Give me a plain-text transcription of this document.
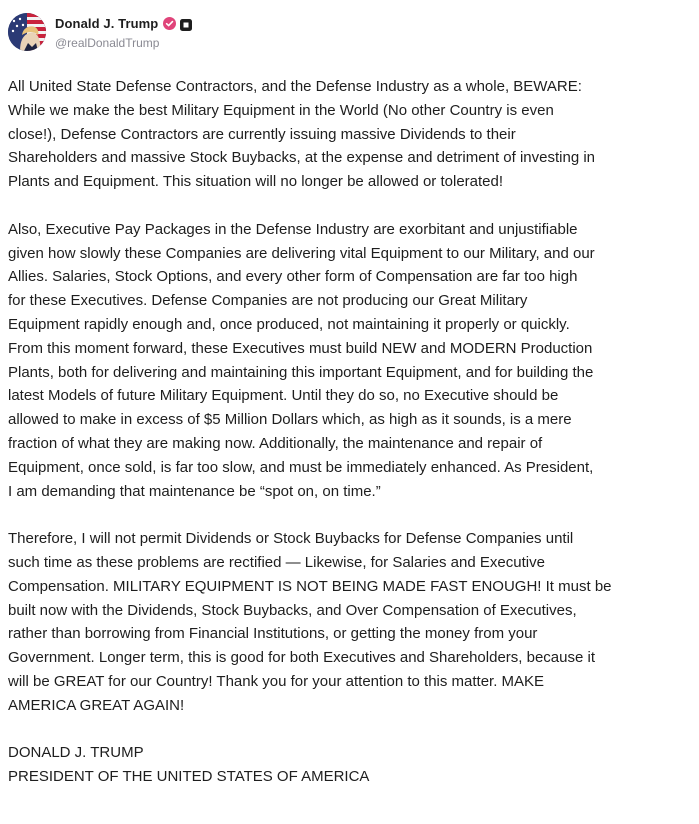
Donald J. Trump
@realDonaldTrump

All United State Defense Contractors, and the Defense Industry as a whole, BEWARE:
While we make the best Military Equipment in the World (No other Country is even
close!), Defense Contractors are currently issuing massive Dividends to their
Shareholders and massive Stock Buybacks, at the expense and detriment of investing in
Plants and Equipment. This situation will no longer be allowed or tolerated!

Also, Executive Pay Packages in the Defense Industry are exorbitant and unjustifiable
given how slowly these Companies are delivering vital Equipment to our Military, and our
Allies. Salaries, Stock Options, and every other form of Compensation are far too high
for these Executives. Defense Companies are not producing our Great Military
Equipment rapidly enough and, once produced, not maintaining it properly or quickly.
From this moment forward, these Executives must build NEW and MODERN Production
Plants, both for delivering and maintaining this important Equipment, and for building the
latest Models of future Military Equipment. Until they do so, no Executive should be
allowed to make in excess of $5 Million Dollars which, as high as it sounds, is a mere
fraction of what they are making now. Additionally, the maintenance and repair of
Equipment, once sold, is far too slow, and must be immediately enhanced. As President,
I am demanding that maintenance be “spot on, on time.”

Therefore, I will not permit Dividends or Stock Buybacks for Defense Companies until
such time as these problems are rectified — Likewise, for Salaries and Executive
Compensation. MILITARY EQUIPMENT IS NOT BEING MADE FAST ENOUGH! It must be
built now with the Dividends, Stock Buybacks, and Over Compensation of Executives,
rather than borrowing from Financial Institutions, or getting the money from your
Government. Longer term, this is good for both Executives and Shareholders, because it
will be GREAT for our Country! Thank you for your attention to this matter. MAKE
AMERICA GREAT AGAIN!

DONALD J. TRUMP
PRESIDENT OF THE UNITED STATES OF AMERICA
